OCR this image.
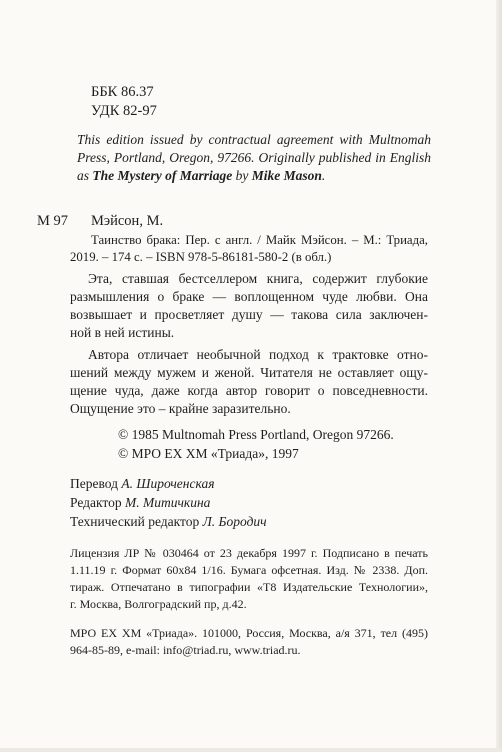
ББК 86.37
УДК 82-97
This edition issued by contractual agreement with Multnomah
Press, Portland, Oregon, 97266. Originally published in English
as The Mystery of Marriage by Mike Mason.
М 97 Мэйсон, М.
Таинство брака: Пер. с англ. / Майк Мэйсон. – М.: Триада,
2019. – 174 с. – ISBN 978-5-86181-580-2 (в обл.)
Эта, ставшая бестселлером книга, содержит глубокие
размышления о браке — воплощенном чуде любви. Она
возвышает и просветляет душу — такова сила заключен-
ной в ней истины.
Автора отличает необычной подход к трактовке отно-
шений между мужем и женой. Читателя не оставляет ощу-
щение чуда, даже когда автор говорит о повседневности.
Ощущение это – крайне заразительно.
© 1985 Multnomah Press Portland, Oregon 97266.
© МРО ЕХ ХМ «Триада», 1997
Перевод А. Широченская
Редактор М. Митичкина
Технический редактор Л. Бородич
Лицензия ЛР № 030464 от 23 декабря 1997 г. Подписано в печать
1.11.19 г. Формат 60х84 1/16. Бумага офсетная. Изд. № 2338. Доп.
тираж. Отпечатано в типографии «Т8 Издательские Технологии»,
г. Москва, Волгоградский пр, д.42.
МРО ЕХ ХМ «Триада». 101000, Россия, Москва, а/я 371, тел (495)
964-85-89, e-mail: info@triad.ru, www.triad.ru.
